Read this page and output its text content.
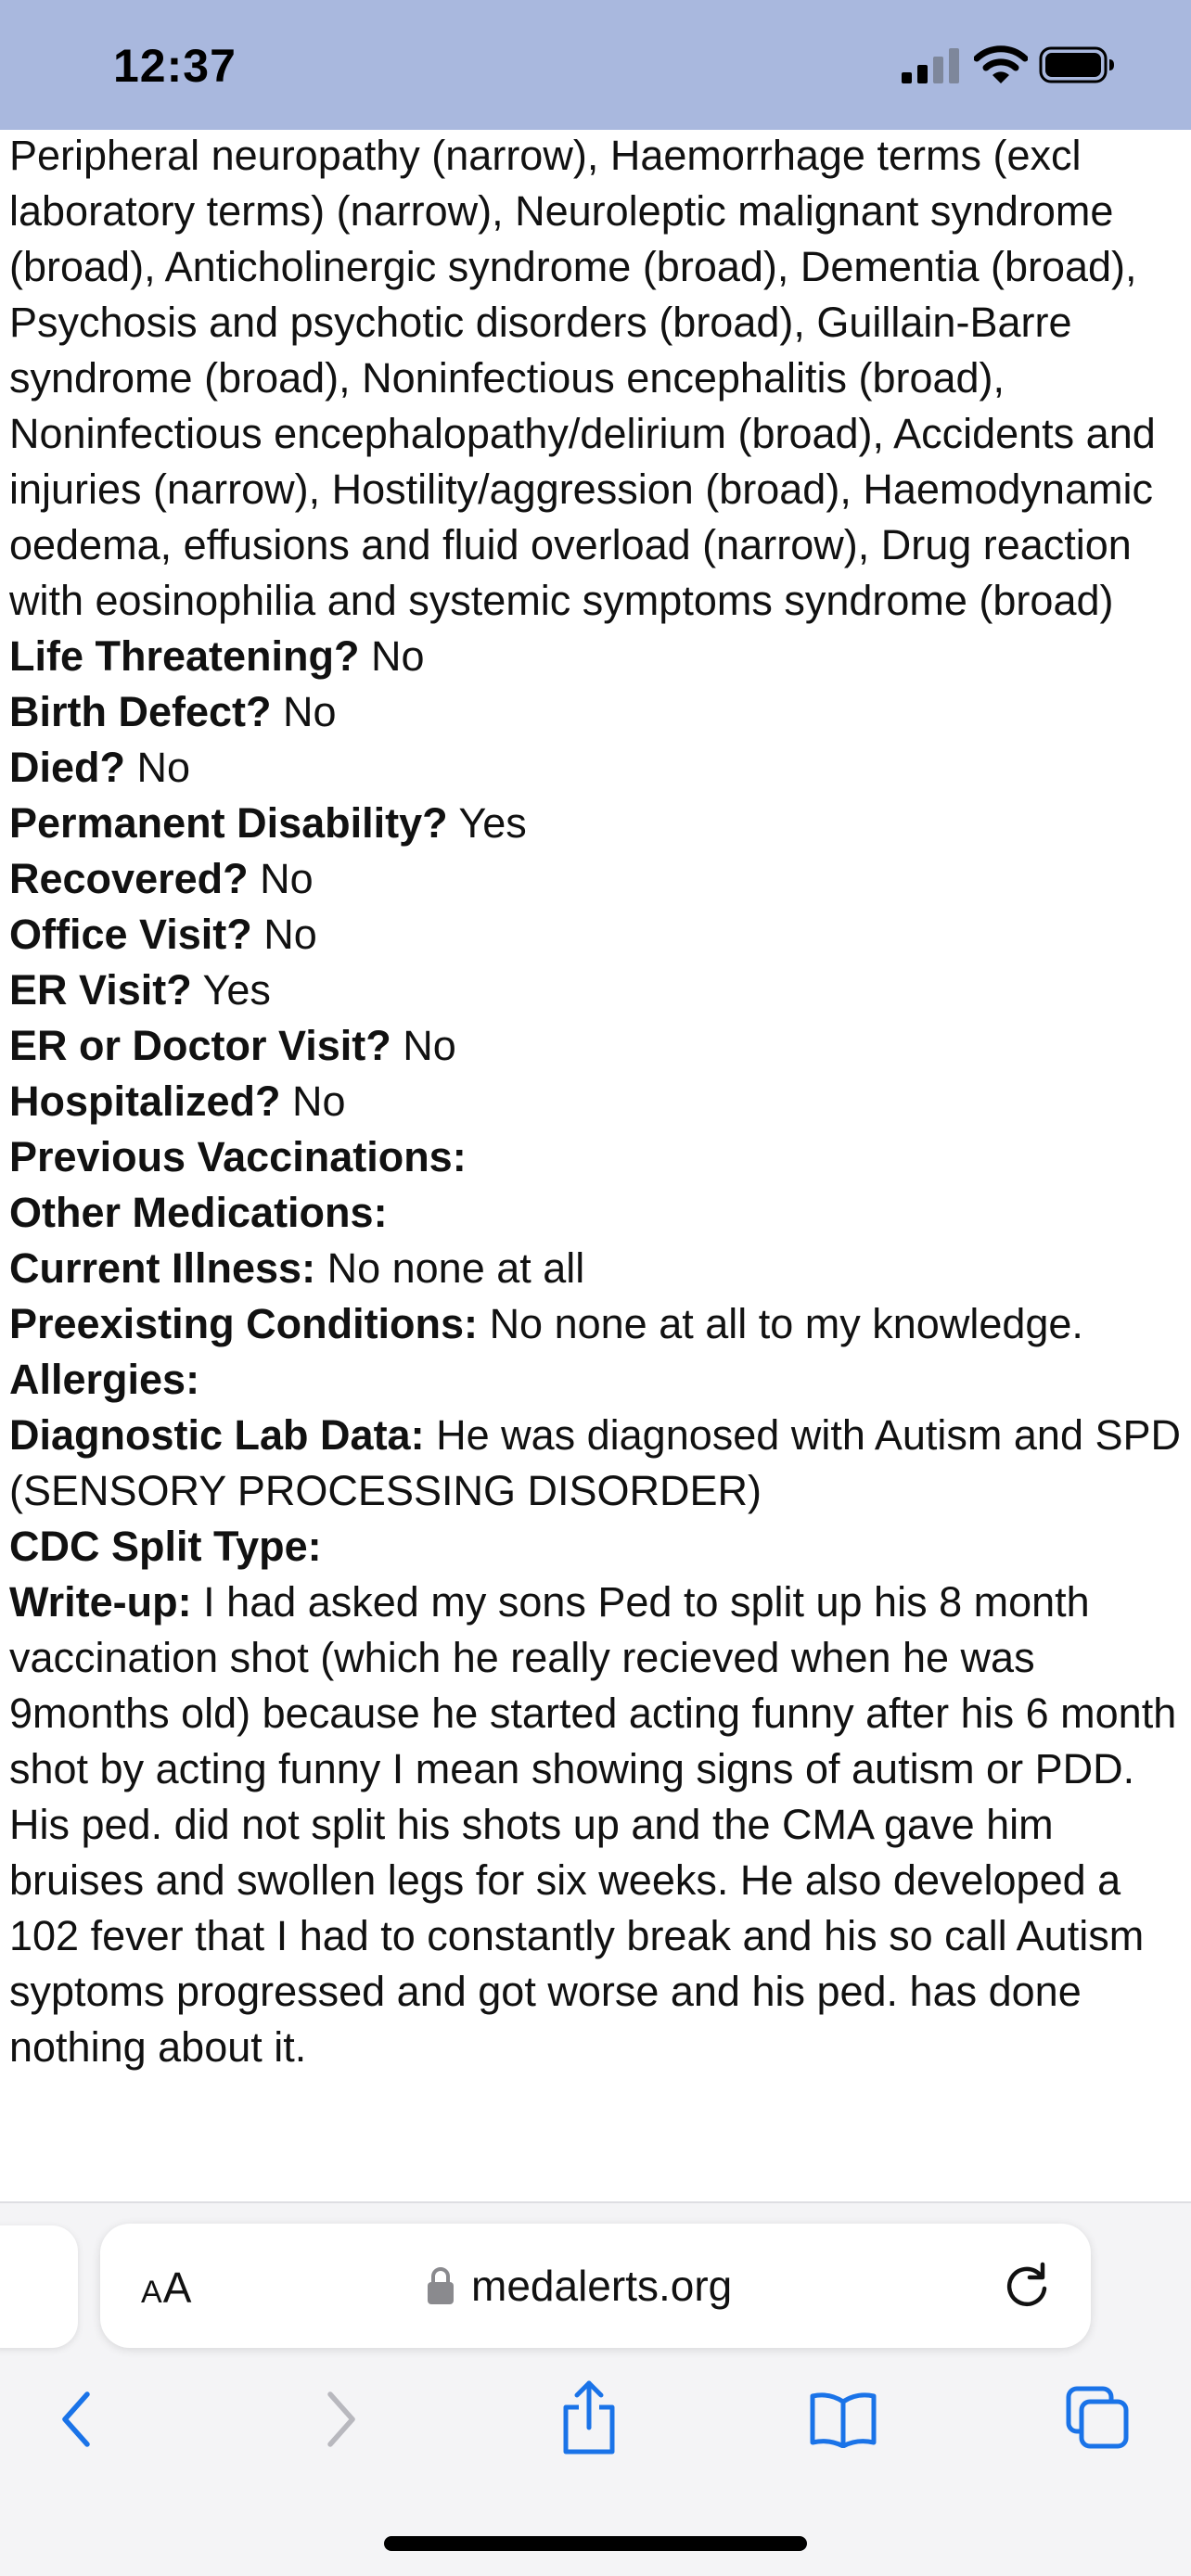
12:37

Peripheral neuropathy (narrow), Haemorrhage terms (excl laboratory terms) (narrow), Neuroleptic malignant syndrome (broad), Anticholinergic syndrome (broad), Dementia (broad), Psychosis and psychotic disorders (broad), Guillain-Barre syndrome (broad), Noninfectious encephalitis (broad), Noninfectious encephalopathy/delirium (broad), Accidents and injuries (narrow), Hostility/aggression (broad), Haemodynamic oedema, effusions and fluid overload (narrow), Drug reaction with eosinophilia and systemic symptoms syndrome (broad)

Life Threatening? No

Birth Defect? No

Died? No

Permanent Disability? Yes

Recovered? No

Office Visit? No

ER Visit? Yes

ER or Doctor Visit? No

Hospitalized? No

Previous Vaccinations:

Other Medications:

Current Illness: No none at all

Preexisting Conditions: No none at all to my knowledge.

Allergies:

Diagnostic Lab Data: He was diagnosed with Autism and SPD (SENSORY PROCESSING DISORDER)

CDC Split Type:

Write-up: I had asked my sons Ped to split up his 8 month vaccination shot (which he really recieved when he was 9months old) because he started acting funny after his 6 month shot by acting funny I mean showing signs of autism or PDD. His ped. did not split his shots up and the CMA gave him bruises and swollen legs for six weeks. He also developed a 102 fever that I had to constantly break and his so call Autism syptoms progressed and got worse and his ped. has done nothing about it.

AA	medalerts.org
